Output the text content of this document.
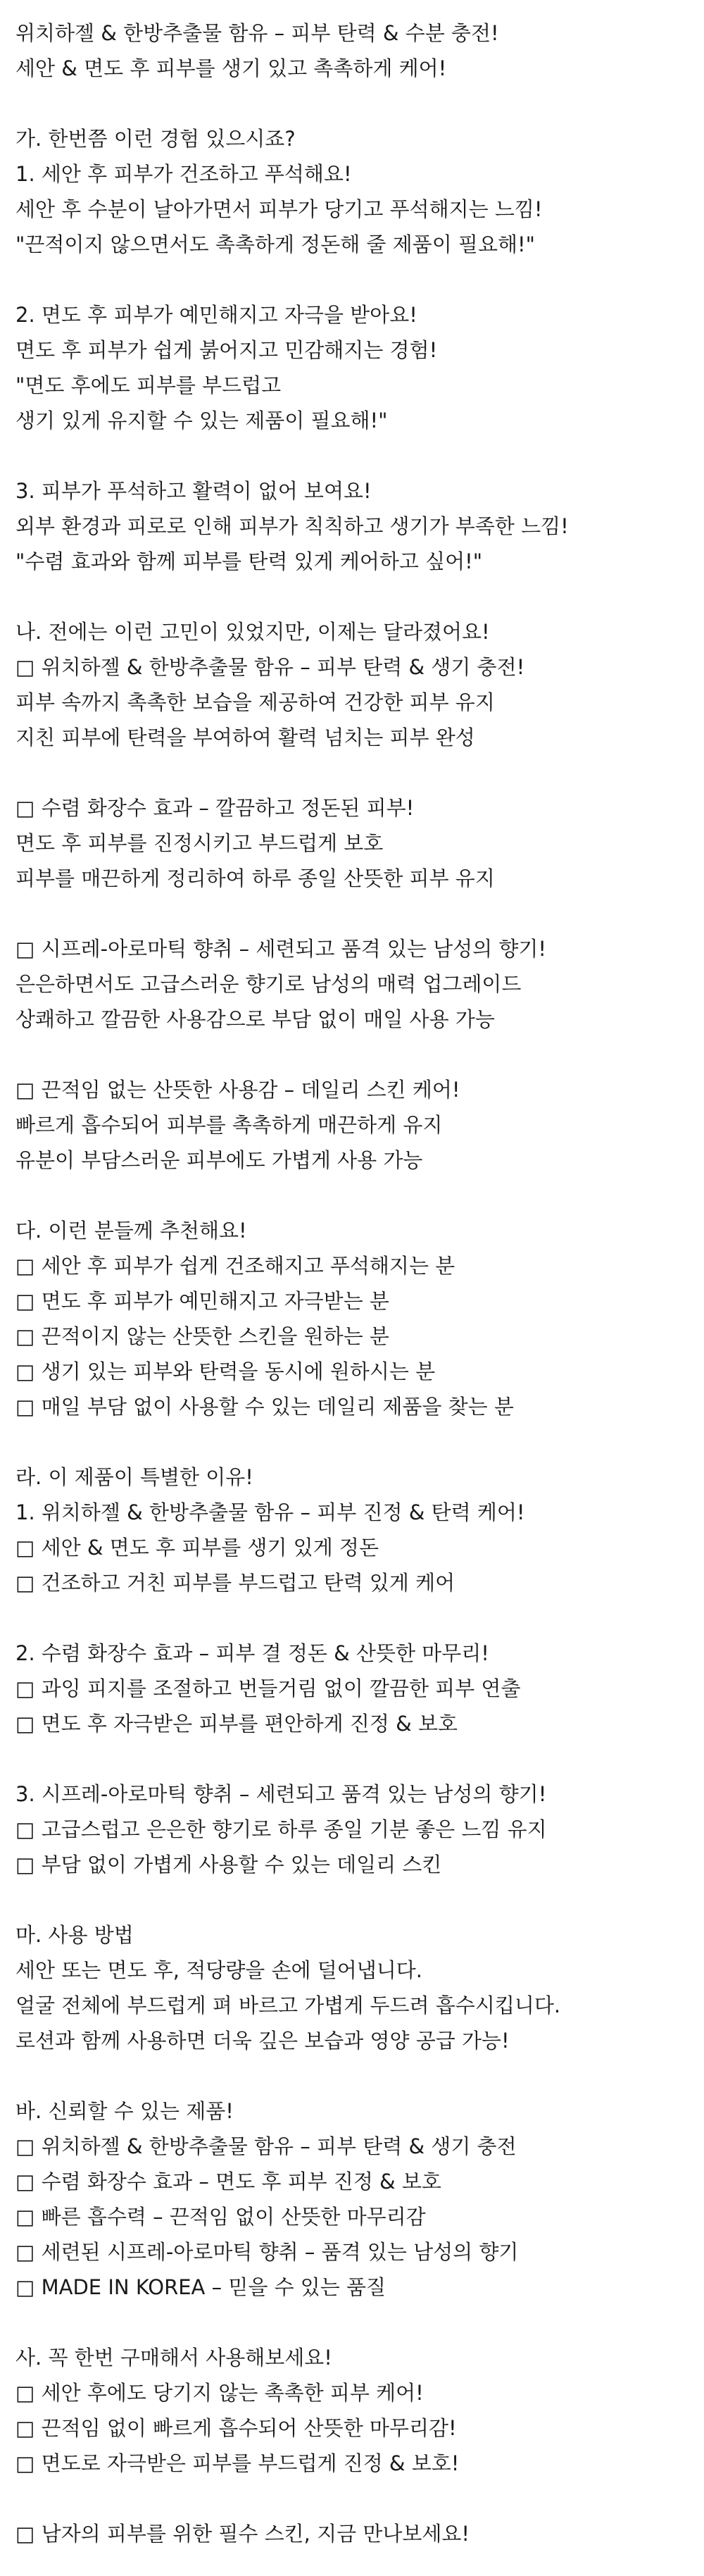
위치하젤 & 한방추출물 함유 – 피부 탄력 & 수분 충전!
세안 & 면도 후 피부를 생기 있고 촉촉하게 케어!
가. 한번쯤 이런 경험 있으시죠?
1. 세안 후 피부가 건조하고 푸석해요!
세안 후 수분이 날아가면서 피부가 당기고 푸석해지는 느낌!
"끈적이지 않으면서도 촉촉하게 정돈해 줄 제품이 필요해!"
2. 면도 후 피부가 예민해지고 자극을 받아요!
면도 후 피부가 쉽게 붉어지고 민감해지는 경험!
"면도 후에도 피부를 부드럽고
생기 있게 유지할 수 있는 제품이 필요해!"
3. 피부가 푸석하고 활력이 없어 보여요!
외부 환경과 피로로 인해 피부가 칙칙하고 생기가 부족한 느낌!
"수렴 효과와 함께 피부를 탄력 있게 케어하고 싶어!"
나. 전에는 이런 고민이 있었지만, 이제는 달라졌어요!
□ 위치하젤 & 한방추출물 함유 – 피부 탄력 & 생기 충전!
피부 속까지 촉촉한 보습을 제공하여 건강한 피부 유지
지친 피부에 탄력을 부여하여 활력 넘치는 피부 완성
□ 수렴 화장수 효과 – 깔끔하고 정돈된 피부!
면도 후 피부를 진정시키고 부드럽게 보호
피부를 매끈하게 정리하여 하루 종일 산뜻한 피부 유지
□ 시프레-아로마틱 향취 – 세련되고 품격 있는 남성의 향기!
은은하면서도 고급스러운 향기로 남성의 매력 업그레이드
상쾌하고 깔끔한 사용감으로 부담 없이 매일 사용 가능
□ 끈적임 없는 산뜻한 사용감 – 데일리 스킨 케어!
빠르게 흡수되어 피부를 촉촉하게 매끈하게 유지
유분이 부담스러운 피부에도 가볍게 사용 가능
다. 이런 분들께 추천해요!
□ 세안 후 피부가 쉽게 건조해지고 푸석해지는 분
□ 면도 후 피부가 예민해지고 자극받는 분
□ 끈적이지 않는 산뜻한 스킨을 원하는 분
□ 생기 있는 피부와 탄력을 동시에 원하시는 분
□ 매일 부담 없이 사용할 수 있는 데일리 제품을 찾는 분
라. 이 제품이 특별한 이유!
1. 위치하젤 & 한방추출물 함유 – 피부 진정 & 탄력 케어!
□ 세안 & 면도 후 피부를 생기 있게 정돈
□ 건조하고 거친 피부를 부드럽고 탄력 있게 케어
2. 수렴 화장수 효과 – 피부 결 정돈 & 산뜻한 마무리!
□ 과잉 피지를 조절하고 번들거림 없이 깔끔한 피부 연출
□ 면도 후 자극받은 피부를 편안하게 진정 & 보호
3. 시프레-아로마틱 향취 – 세련되고 품격 있는 남성의 향기!
□ 고급스럽고 은은한 향기로 하루 종일 기분 좋은 느낌 유지
□ 부담 없이 가볍게 사용할 수 있는 데일리 스킨
마. 사용 방법
세안 또는 면도 후, 적당량을 손에 덜어냅니다.
얼굴 전체에 부드럽게 펴 바르고 가볍게 두드려 흡수시킵니다.
로션과 함께 사용하면 더욱 깊은 보습과 영양 공급 가능!
바. 신뢰할 수 있는 제품!
□ 위치하젤 & 한방추출물 함유 – 피부 탄력 & 생기 충전
□ 수렴 화장수 효과 – 면도 후 피부 진정 & 보호
□ 빠른 흡수력 – 끈적임 없이 산뜻한 마무리감
□ 세련된 시프레-아로마틱 향취 – 품격 있는 남성의 향기
□ MADE IN KOREA – 믿을 수 있는 품질
사. 꼭 한번 구매해서 사용해보세요!
□ 세안 후에도 당기지 않는 촉촉한 피부 케어!
□ 끈적임 없이 빠르게 흡수되어 산뜻한 마무리감!
□ 면도로 자극받은 피부를 부드럽게 진정 & 보호!
□ 남자의 피부를 위한 필수 스킨, 지금 만나보세요!
